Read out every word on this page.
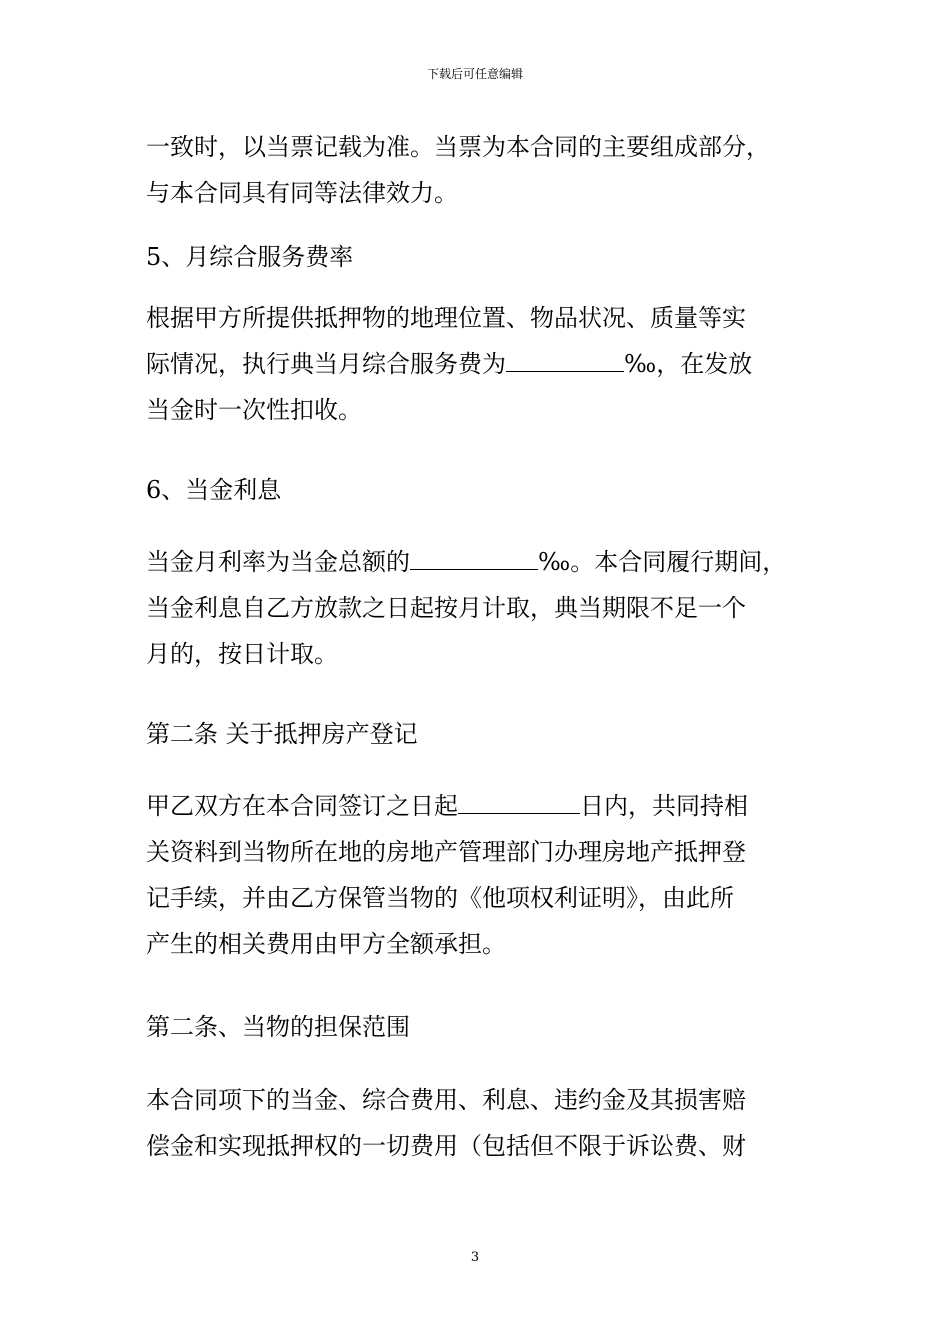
下载后可任意编辑

一致时，以当票记载为准。当票为本合同的主要组成部分，
与本合同具有同等法律效力。

5、月综合服务费率

根据甲方所提供抵押物的地理位置、物品状况、质量等实
际情况，执行典当月综合服务费为	‰，在发放
当金时一次性扣收。

6、当金利息

当金月利率为当金总额的	‰。本合同履行期间，
当金利息自乙方放款之日起按月计取，典当期限不足一个
月的，按日计取。

第二条 关于抵押房产登记

甲乙双方在本合同签订之日起	日内，共同持相
关资料到当物所在地的房地产管理部门办理房地产抵押登
记手续，并由乙方保管当物的《他项权利证明》，由此所
产生的相关费用由甲方全额承担。

第二条、当物的担保范围

本合同项下的当金、综合费用、利息、违约金及其损害赔
偿金和实现抵押权的一切费用（包括但不限于诉讼费、财

3
